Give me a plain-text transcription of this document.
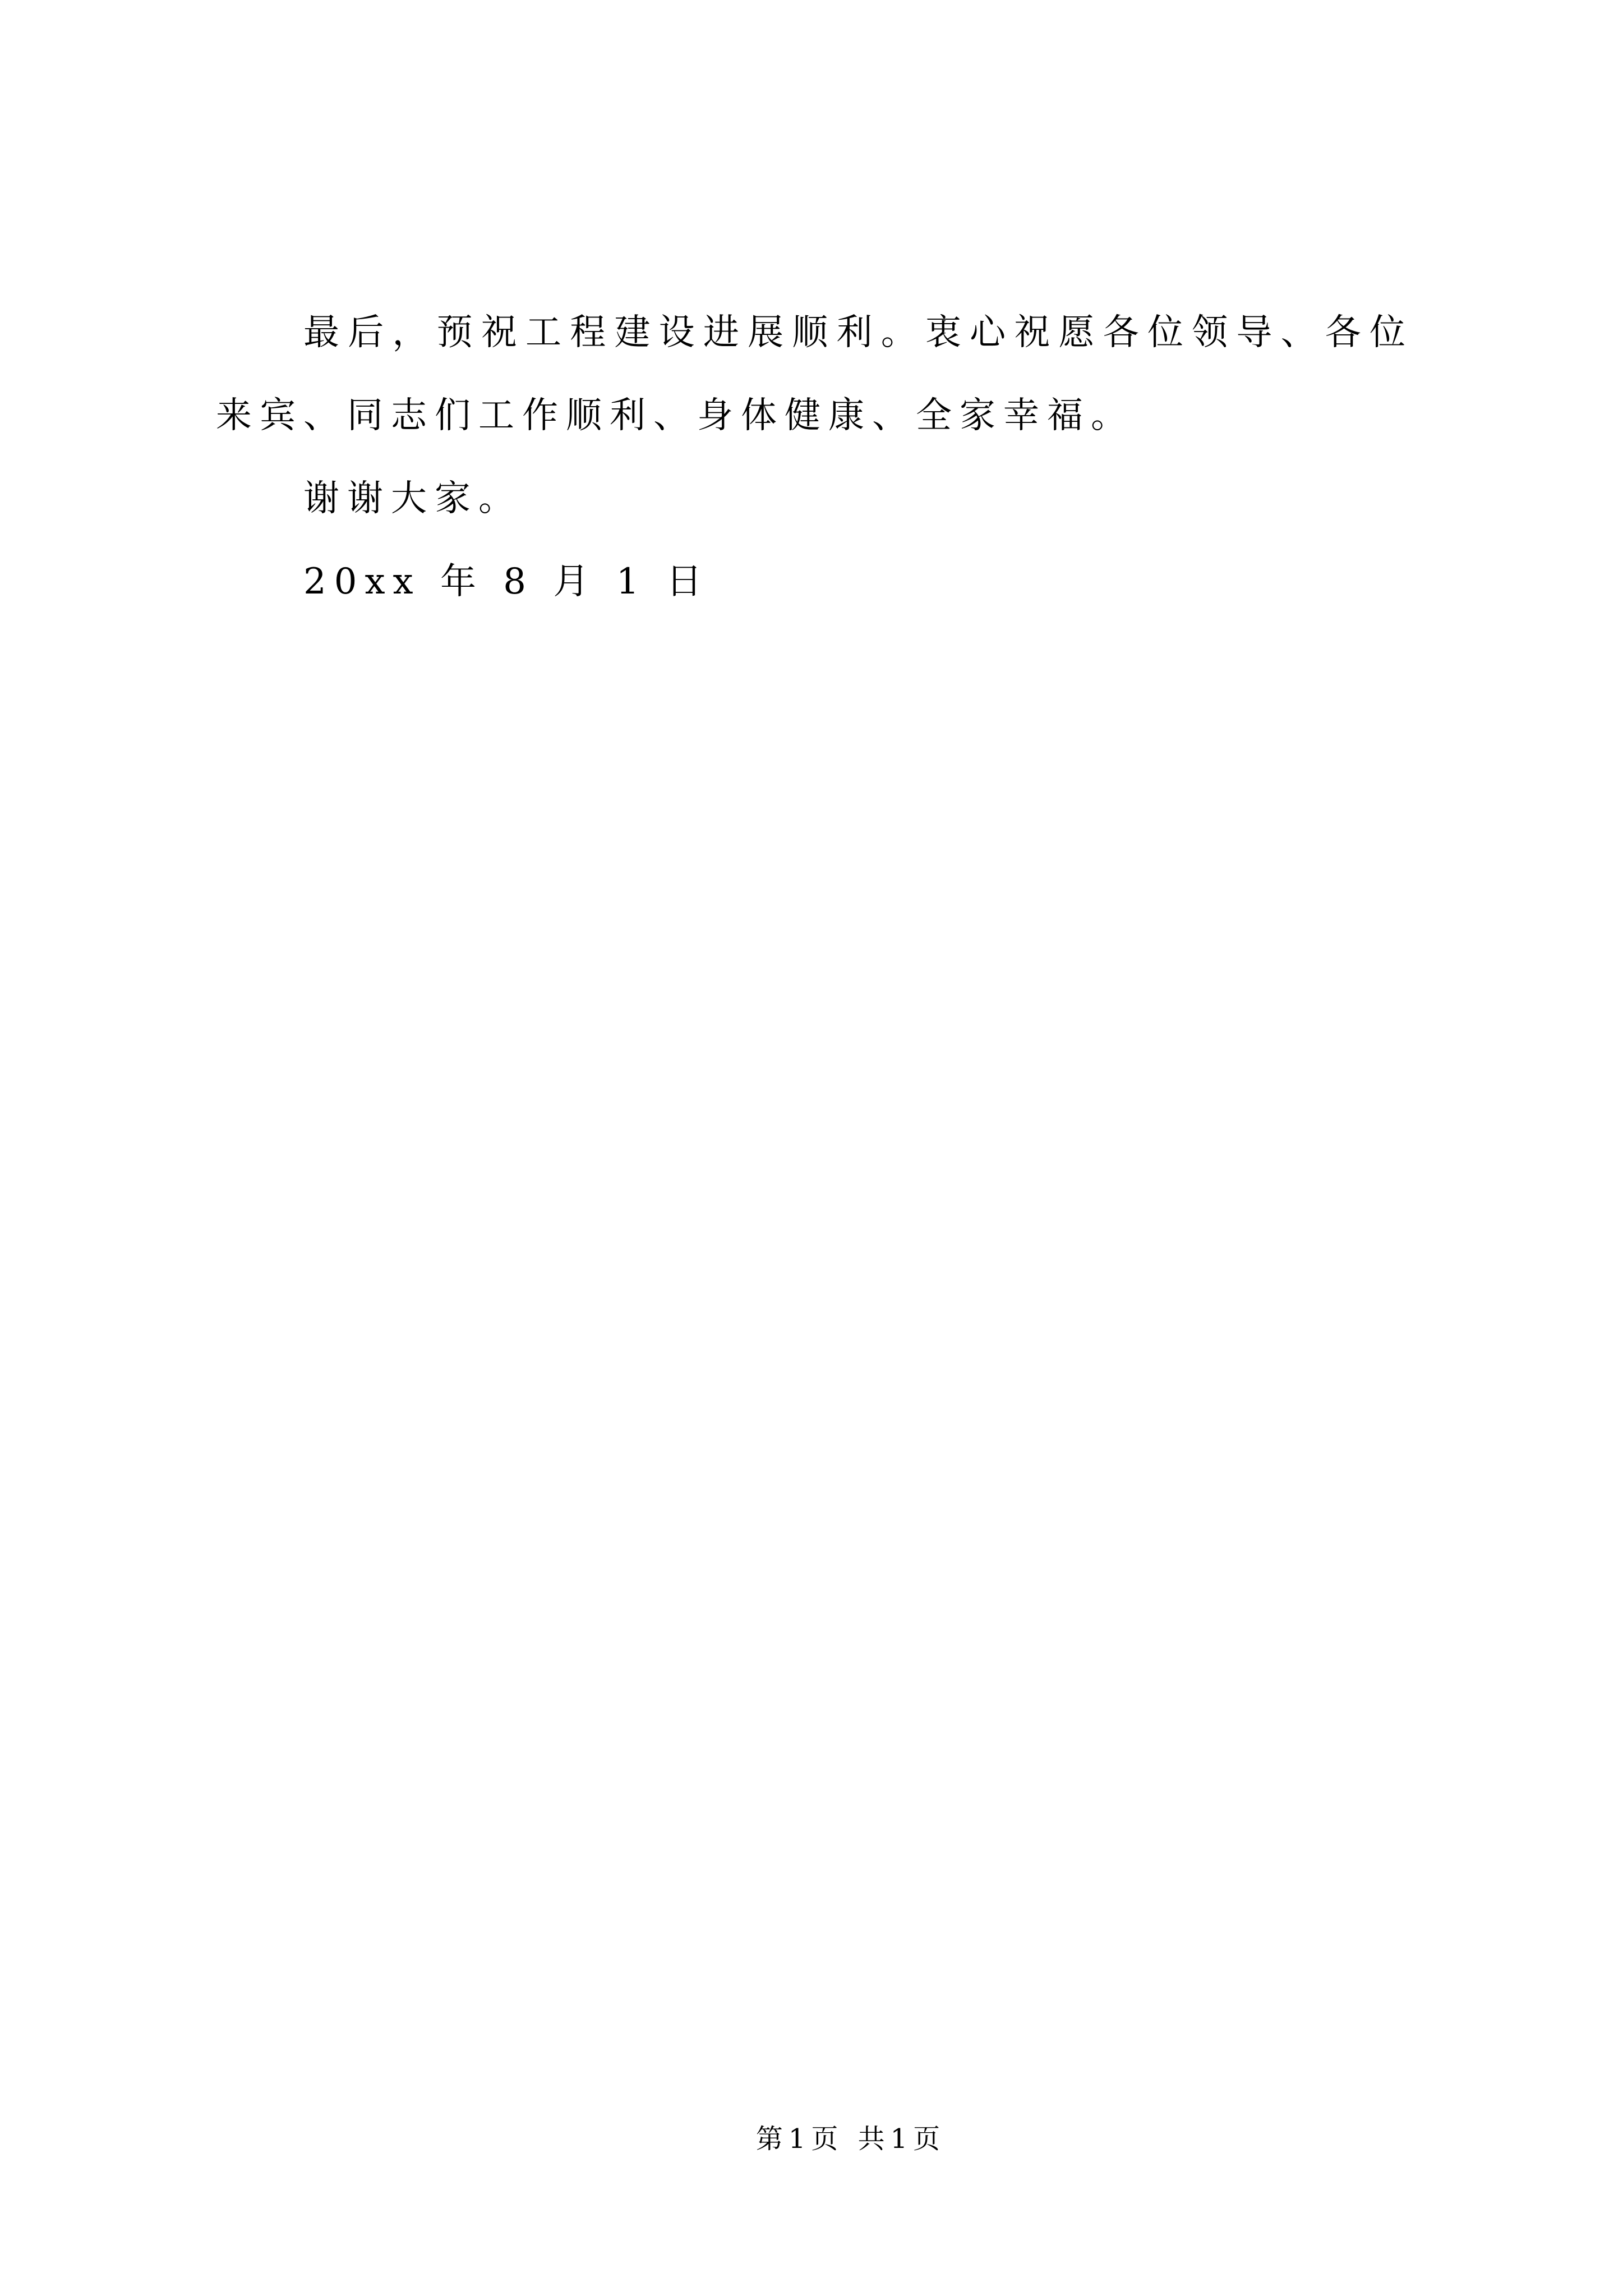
最后，预祝工程建设进展顺利。衷心祝愿各位领导、各位来宾、同志们工作顺利、身体健康、全家幸福。

谢谢大家。

20xx 年 8 月 1 日

第1页 共1页
